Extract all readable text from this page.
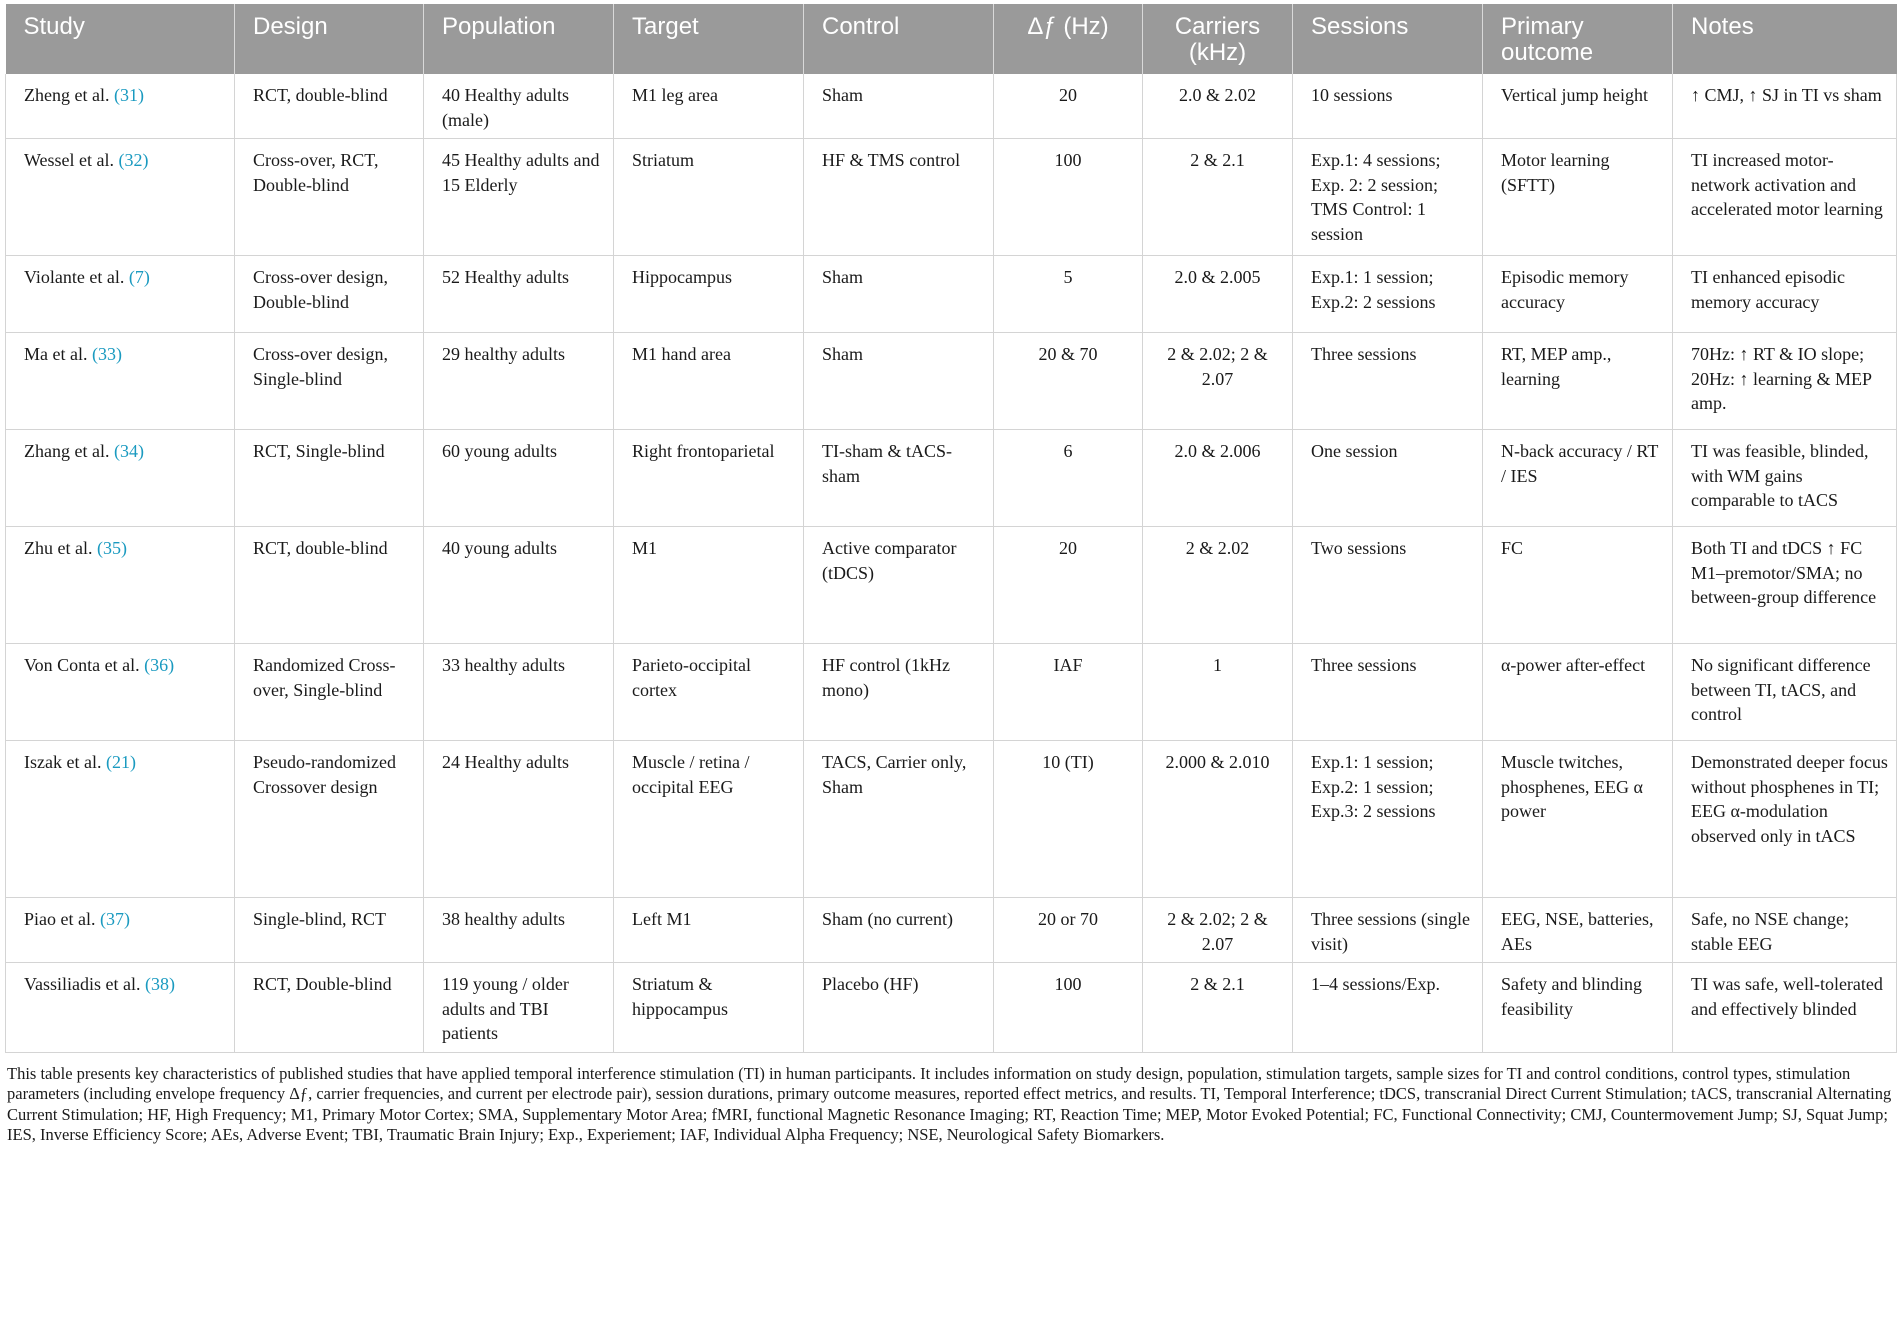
Study	Design	Population	Target	Control	Δƒ (Hz)	Carriers (kHz)	Sessions	Primary outcome	Notes
Zheng et al. (31)	RCT, double-blind	40 Healthy adults (male)	M1 leg area	Sham	20	2.0 & 2.02	10 sessions	Vertical jump height	↑ CMJ, ↑ SJ in TI vs sham
Wessel et al. (32)	Cross-over, RCT, Double-blind	45 Healthy adults and 15 Elderly	Striatum	HF & TMS control	100	2 & 2.1	Exp.1: 4 sessions; Exp. 2: 2 session; TMS Control: 1 session	Motor learning (SFTT)	TI increased motor-network activation and accelerated motor learning
Violante et al. (7)	Cross-over design, Double-blind	52 Healthy adults	Hippocampus	Sham	5	2.0 & 2.005	Exp.1: 1 session; Exp.2: 2 sessions	Episodic memory accuracy	TI enhanced episodic memory accuracy
Ma et al. (33)	Cross-over design, Single-blind	29 healthy adults	M1 hand area	Sham	20 & 70	2 & 2.02; 2 & 2.07	Three sessions	RT, MEP amp., learning	70Hz: ↑ RT & IO slope; 20Hz: ↑ learning & MEP amp.
Zhang et al. (34)	RCT, Single-blind	60 young adults	Right frontoparietal	TI-sham & tACS-sham	6	2.0 & 2.006	One session	N-back accuracy / RT / IES	TI was feasible, blinded, with WM gains comparable to tACS
Zhu et al. (35)	RCT, double-blind	40 young adults	M1	Active comparator (tDCS)	20	2 & 2.02	Two sessions	FC	Both TI and tDCS ↑ FC M1–premotor/SMA; no between-group difference
Von Conta et al. (36)	Randomized Cross-over, Single-blind	33 healthy adults	Parieto-occipital cortex	HF control (1kHz mono)	IAF	1	Three sessions	α-power after-effect	No significant difference between TI, tACS, and control
Iszak et al. (21)	Pseudo-randomized Crossover design	24 Healthy adults	Muscle / retina / occipital EEG	TACS, Carrier only, Sham	10 (TI)	2.000 & 2.010	Exp.1: 1 session; Exp.2: 1 session; Exp.3: 2 sessions	Muscle twitches, phosphenes, EEG α power	Demonstrated deeper focus without phosphenes in TI; EEG α-modulation observed only in tACS
Piao et al. (37)	Single-blind, RCT	38 healthy adults	Left M1	Sham (no current)	20 or 70	2 & 2.02; 2 & 2.07	Three sessions (single visit)	EEG, NSE, batteries, AEs	Safe, no NSE change; stable EEG
Vassiliadis et al. (38)	RCT, Double-blind	119 young / older adults and TBI patients	Striatum & hippocampus	Placebo (HF)	100	2 & 2.1	1–4 sessions/Exp.	Safety and blinding feasibility	TI was safe, well-tolerated and effectively blinded
This table presents key characteristics of published studies that have applied temporal interference stimulation (TI) in human participants. It includes information on study design, population, stimulation targets, sample sizes for TI and control conditions, control types, stimulation parameters (including envelope frequency Δƒ, carrier frequencies, and current per electrode pair), session durations, primary outcome measures, reported effect metrics, and results. TI, Temporal Interference; tDCS, transcranial Direct Current Stimulation; tACS, transcranial Alternating Current Stimulation; HF, High Frequency; M1, Primary Motor Cortex; SMA, Supplementary Motor Area; fMRI, functional Magnetic Resonance Imaging; RT, Reaction Time; MEP, Motor Evoked Potential; FC, Functional Connectivity; CMJ, Countermovement Jump; SJ, Squat Jump; IES, Inverse Efficiency Score; AEs, Adverse Event; TBI, Traumatic Brain Injury; Exp., Experiement; IAF, Individual Alpha Frequency; NSE, Neurological Safety Biomarkers.
